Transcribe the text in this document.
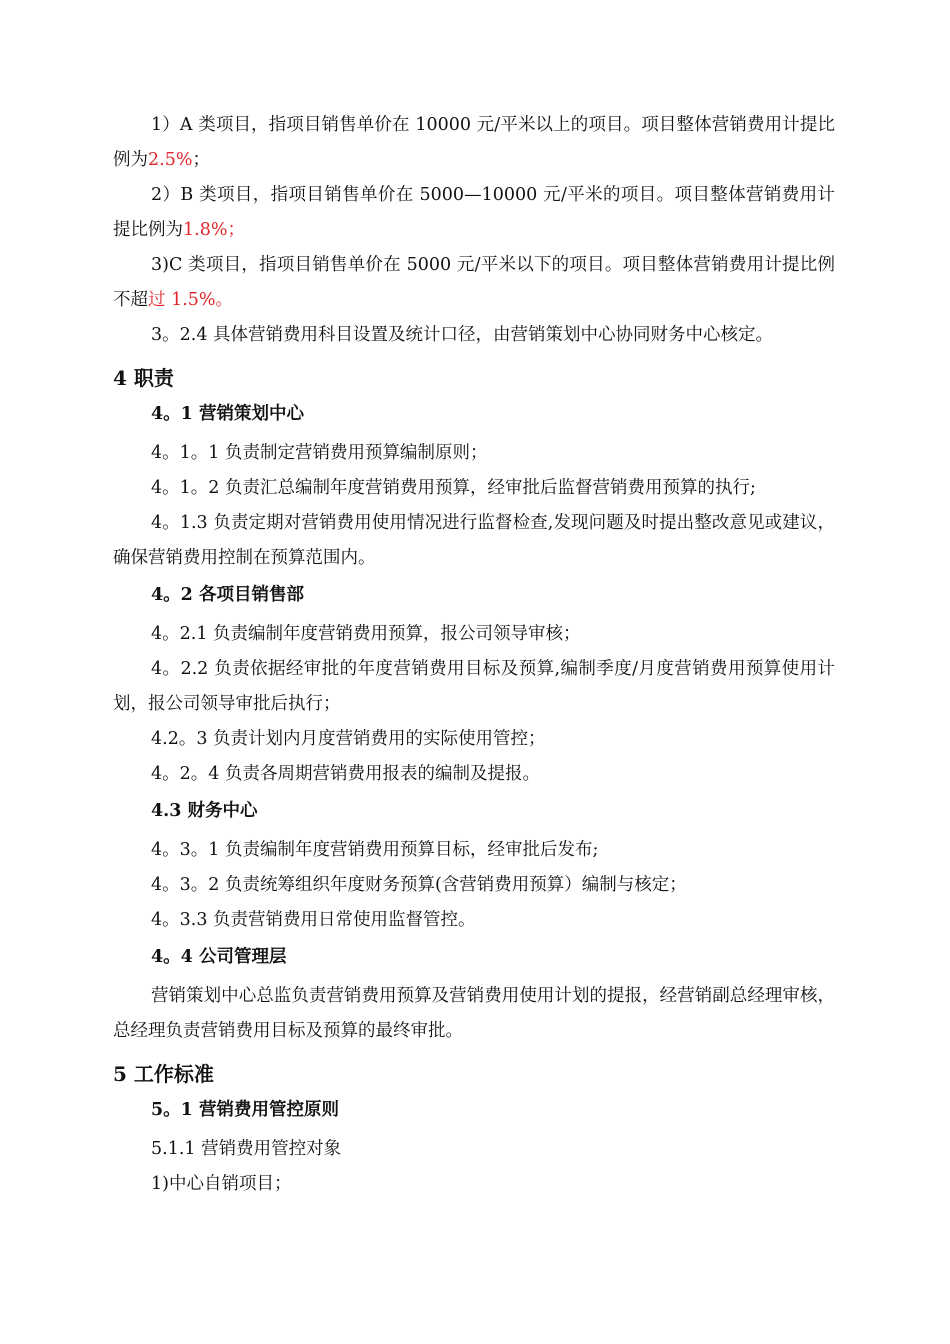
1）A 类项目，指项目销售单价在 10000 元/平米以上的项目。项目整体营销费用计提比例为2.5%；

2）B 类项目，指项目销售单价在 5000—10000 元/平米的项目。项目整体营销费用计提比例为1.8%；

3)C 类项目，指项目销售单价在 5000 元/平米以下的项目。项目整体营销费用计提比例不超过 1.5%。

3。2.4 具体营销费用科目设置及统计口径，由营销策划中心协同财务中心核定。

4 职责

4。1 营销策划中心

4。1。1 负责制定营销费用预算编制原则；

4。1。2 负责汇总编制年度营销费用预算，经审批后监督营销费用预算的执行;

4。1.3 负责定期对营销费用使用情况进行监督检查,发现问题及时提出整改意见或建议，确保营销费用控制在预算范围内。

4。2 各项目销售部

4。2.1 负责编制年度营销费用预算，报公司领导审核；

4。2.2 负责依据经审批的年度营销费用目标及预算,编制季度/月度营销费用预算使用计划，报公司领导审批后执行；

4.2。3 负责计划内月度营销费用的实际使用管控；

4。2。4 负责各周期营销费用报表的编制及提报。

4.3 财务中心

4。3。1 负责编制年度营销费用预算目标，经审批后发布;

4。3。2 负责统筹组织年度财务预算(含营销费用预算）编制与核定；

4。3.3 负责营销费用日常使用监督管控。

4。4 公司管理层

营销策划中心总监负责营销费用预算及营销费用使用计划的提报，经营销副总经理审核，总经理负责营销费用目标及预算的最终审批。

5 工作标准

5。1 营销费用管控原则

5.1.1 营销费用管控对象

1)中心自销项目；
